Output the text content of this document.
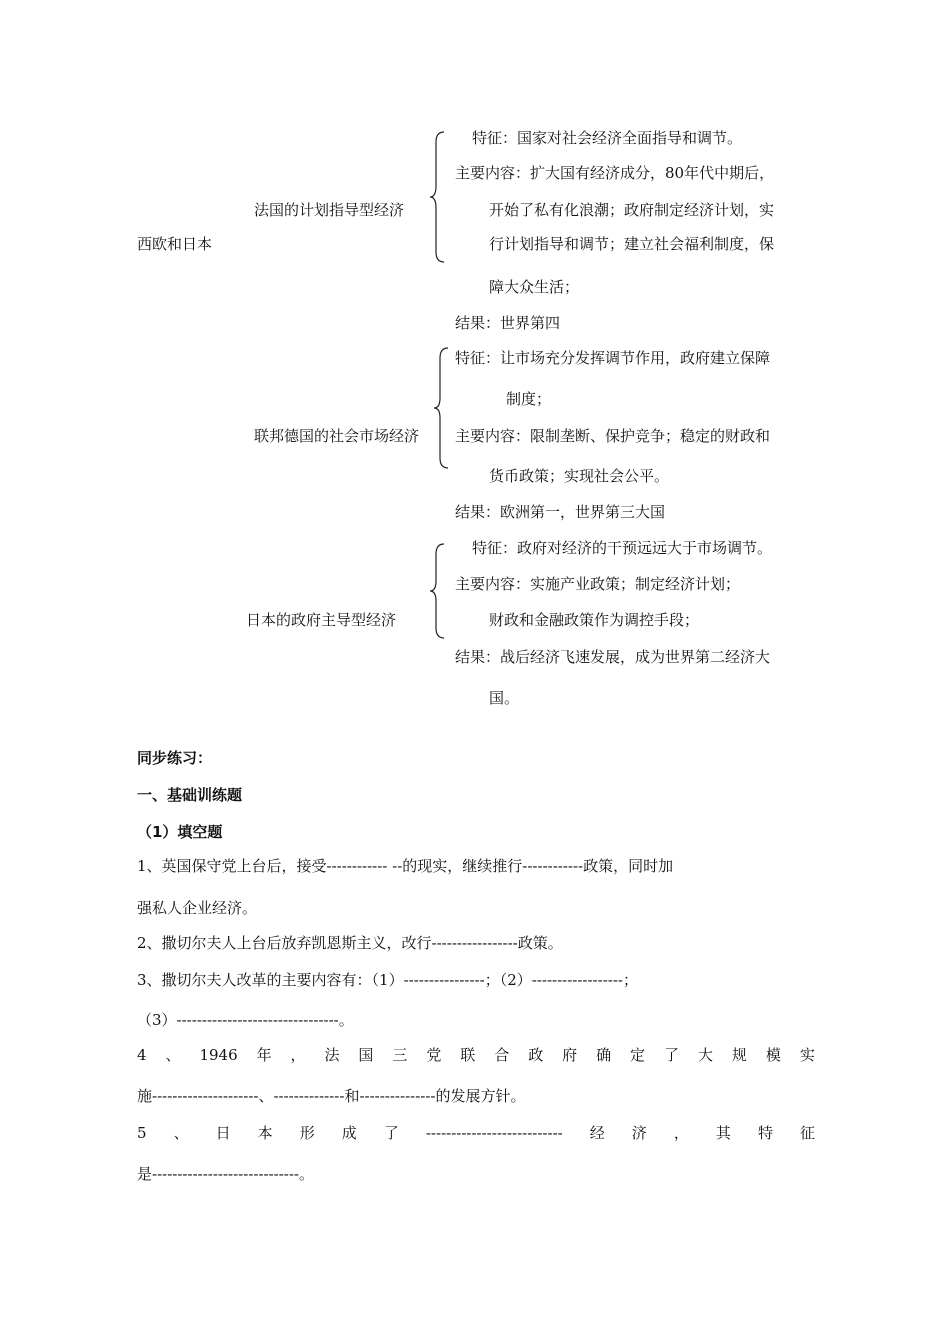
西欧和日本
法国的计划指导型经济
特征：国家对社会经济全面指导和调节。
主要内容：扩大国有经济成分，80年代中期后，
开始了私有化浪潮；政府制定经济计划，实
行计划指导和调节；建立社会福利制度，保
障大众生活；
结果：世界第四
联邦德国的社会市场经济
特征：让市场充分发挥调节作用，政府建立保障
制度；
主要内容：限制垄断、保护竞争；稳定的财政和
货币政策；实现社会公平。
结果：欧洲第一，世界第三大国
日本的政府主导型经济
特征：政府对经济的干预远远大于市场调节。
主要内容：实施产业政策；制定经济计划；
财政和金融政策作为调控手段；
结果：战后经济飞速发展，成为世界第二经济大
国。
同步练习：
一、基础训练题
（1）填空题
1、英国保守党上台后，接受------------ --的现实，继续推行------------政策，同时加
强私人企业经济。
2、撒切尔夫人上台后放弃凯恩斯主义，改行-----------------政策。
3、撒切尔夫人改革的主要内容有：（1）----------------；（2）------------------；
（3）--------------------------------。
4 、 1946 年 ， 法 国 三 党 联 合 政 府 确 定 了 大 规 模 实
施---------------------、--------------和---------------的发展方针。
5 、 日 本 形 成 了 --------------------------- 经 济 ， 其 特 征
是-----------------------------。
